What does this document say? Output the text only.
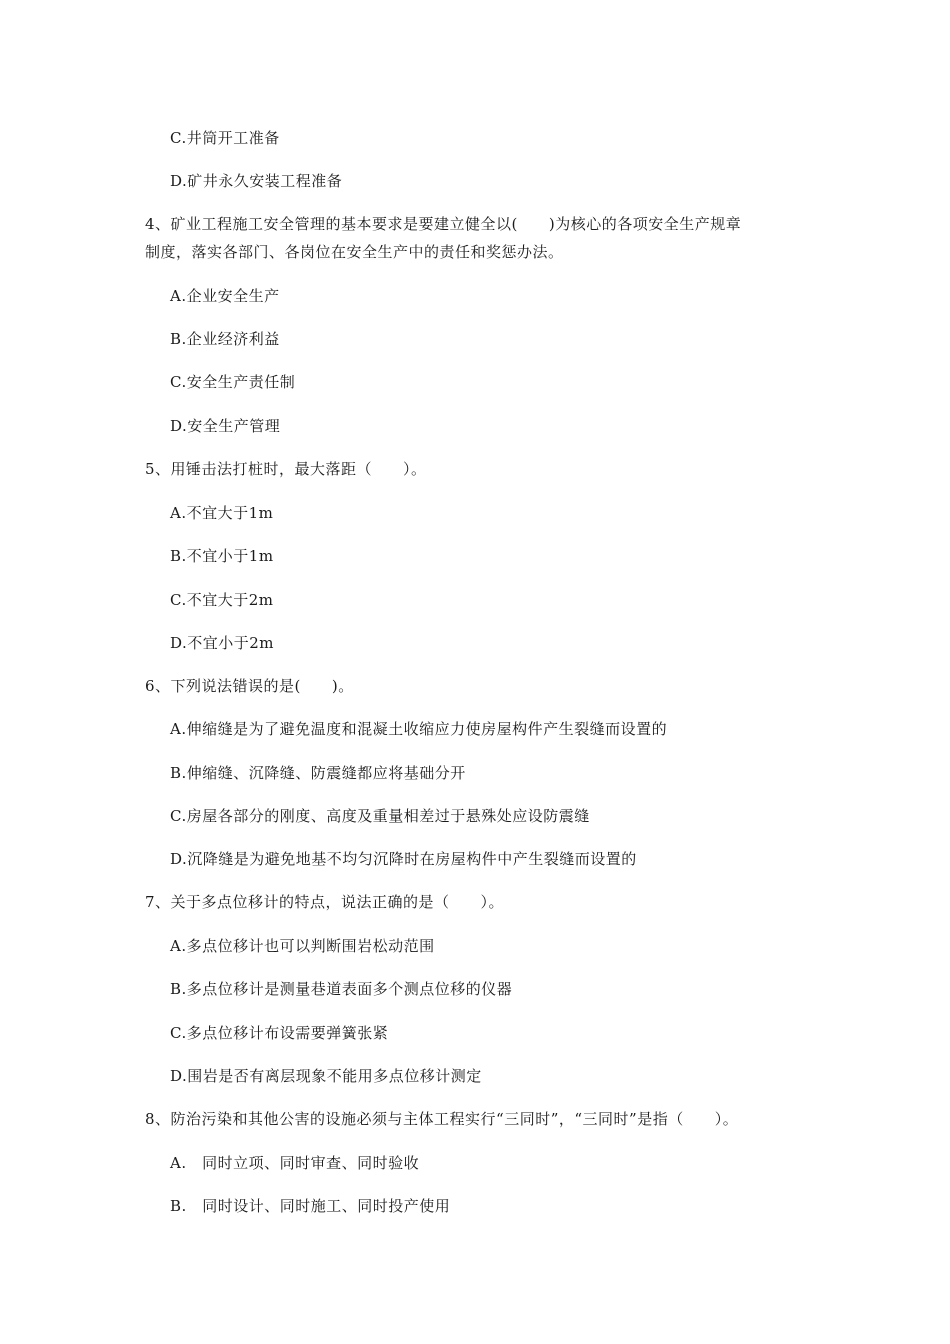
C.井筒开工准备
D.矿井永久安装工程准备
4、矿业工程施工安全管理的基本要求是要建立健全以(　　)为核心的各项安全生产规章
制度，落实各部门、各岗位在安全生产中的责任和奖惩办法。
A.企业安全生产
B.企业经济利益
C.安全生产责任制
D.安全生产管理
5、用锤击法打桩时，最大落距（　　）。
A.不宜大于1m
B.不宜小于1m
C.不宜大于2m
D.不宜小于2m
6、下列说法错误的是(　　)。
A.伸缩缝是为了避免温度和混凝土收缩应力使房屋构件产生裂缝而设置的
B.伸缩缝、沉降缝、防震缝都应将基础分开
C.房屋各部分的刚度、高度及重量相差过于悬殊处应设防震缝
D.沉降缝是为避免地基不均匀沉降时在房屋构件中产生裂缝而设置的
7、关于多点位移计的特点，说法正确的是（　　）。
A.多点位移计也可以判断围岩松动范围
B.多点位移计是测量巷道表面多个测点位移的仪器
C.多点位移计布设需要弹簧张紧
D.围岩是否有离层现象不能用多点位移计测定
8、防治污染和其他公害的设施必须与主体工程实行“三同时”，“三同时”是指（　　）。
A.　同时立项、同时审查、同时验收
B.　同时设计、同时施工、同时投产使用
